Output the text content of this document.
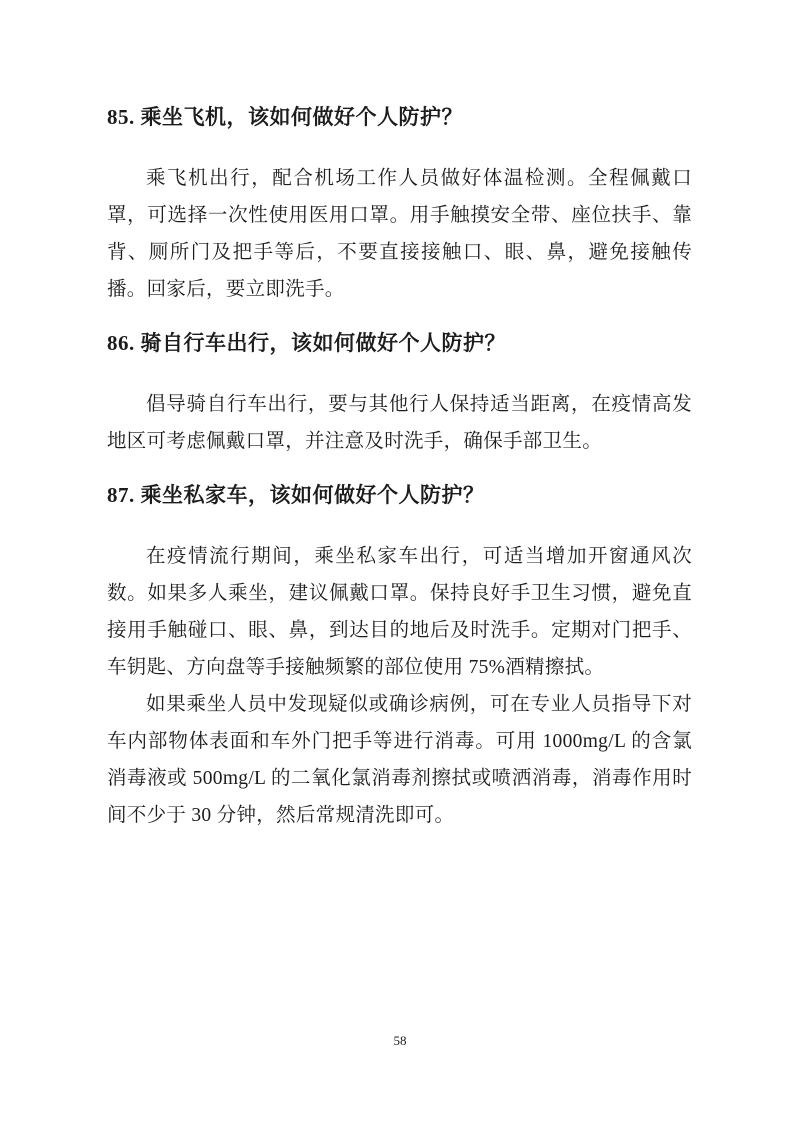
85. 乘坐飞机，该如何做好个人防护？

乘飞机出行，配合机场工作人员做好体温检测。全程佩戴口罩，可选择一次性使用医用口罩。用手触摸安全带、座位扶手、靠背、厕所门及把手等后，不要直接接触口、眼、鼻，避免接触传播。回家后，要立即洗手。

86. 骑自行车出行，该如何做好个人防护？

倡导骑自行车出行，要与其他行人保持适当距离，在疫情高发地区可考虑佩戴口罩，并注意及时洗手，确保手部卫生。

87. 乘坐私家车，该如何做好个人防护？

在疫情流行期间，乘坐私家车出行，可适当增加开窗通风次数。如果多人乘坐，建议佩戴口罩。保持良好手卫生习惯，避免直接用手触碰口、眼、鼻，到达目的地后及时洗手。定期对门把手、车钥匙、方向盘等手接触频繁的部位使用 75%酒精擦拭。

如果乘坐人员中发现疑似或确诊病例，可在专业人员指导下对车内部物体表面和车外门把手等进行消毒。可用 1000mg/L 的含氯消毒液或 500mg/L 的二氧化氯消毒剂擦拭或喷洒消毒，消毒作用时间不少于 30 分钟，然后常规清洗即可。

58
